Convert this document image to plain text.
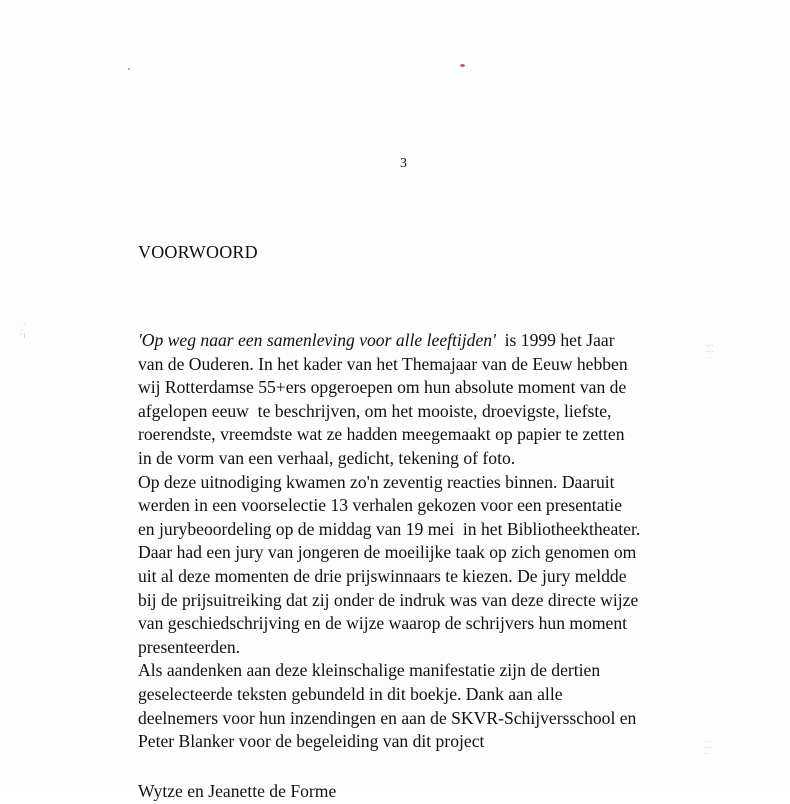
· :
··
’ i
·:··
··:·
· ·
·· ·
·:··
···
3
VOORWOORD
'Op weg naar een samenleving voor alle leeftijden'  is 1999 het Jaar
van de Ouderen. In het kader van het Themajaar van de Eeuw hebben
wij Rotterdamse 55+ers opgeroepen om hun absolute moment van de
afgelopen eeuw  te beschrijven, om het mooiste, droevigste, liefste,
roerendste, vreemdste wat ze hadden meegemaakt op papier te zetten
in de vorm van een verhaal, gedicht, tekening of foto.
Op deze uitnodiging kwamen zo'n zeventig reacties binnen. Daaruit
werden in een voorselectie 13 verhalen gekozen voor een presentatie
en jurybeoordeling op de middag van 19 mei  in het Bibliotheektheater.
Daar had een jury van jongeren de moeilijke taak op zich genomen om
uit al deze momenten de drie prijswinnaars te kiezen. De jury meldde
bij de prijsuitreiking dat zij onder de indruk was van deze directe wijze
van geschiedschrijving en de wijze waarop de schrijvers hun moment
presenteerden.
Als aandenken aan deze kleinschalige manifestatie zijn de dertien
geselecteerde teksten gebundeld in dit boekje. Dank aan alle
deelnemers voor hun inzendingen en aan de SKVR-Schijversschool en
Peter Blanker voor de begeleiding van dit project
Wytze en Jeanette de Forme
